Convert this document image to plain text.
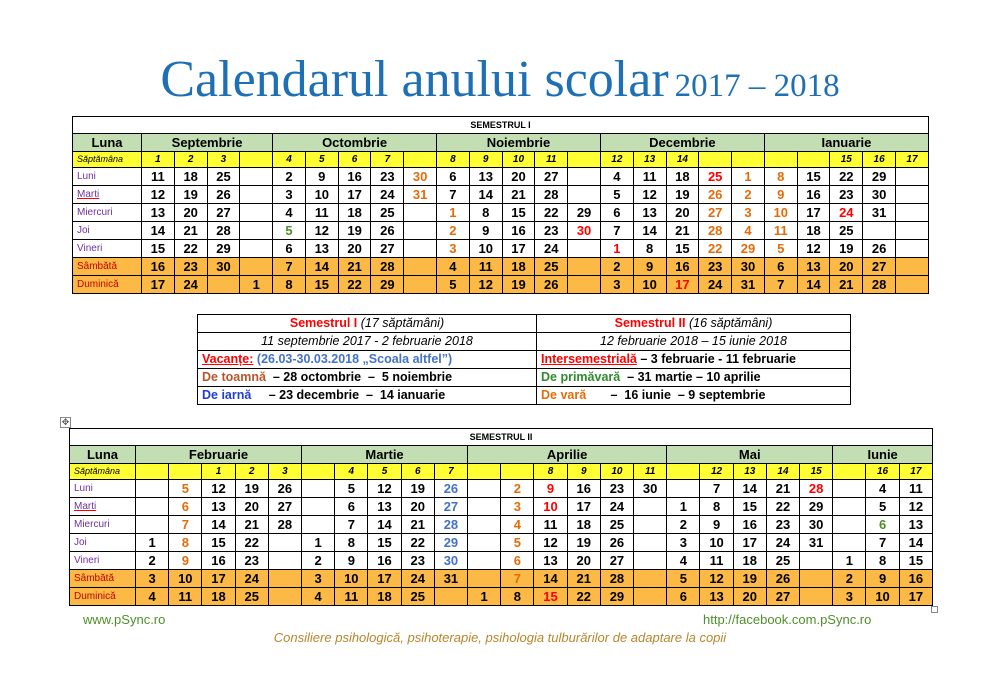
Calendarul anului scolar 2017 – 2018
SEMESTRUL I																								
Luna	Septembrie				Octombrie					Noiembrie					Decembrie					Ianuarie				
Săptămâna	1	2	3		4	5	6	7		8	9	10	11		12	13	14					15	16	17
Luni	11	18	25		2	9	16	23	30	6	13	20	27		4	11	18	25	1	8	15	22	29	
Marti	12	19	26		3	10	17	24	31	7	14	21	28		5	12	19	26	2	9	16	23	30	
Miercuri	13	20	27		4	11	18	25		1	8	15	22	29	6	13	20	27	3	10	17	24	31	
Joi	14	21	28		5	12	19	26		2	9	16	23	30	7	14	21	28	4	11	18	25		
Vineri	15	22	29		6	13	20	27		3	10	17	24		1	8	15	22	29	5	12	19	26	
Sâmbătă	16	23	30		7	14	21	28		4	11	18	25		2	9	16	23	30	6	13	20	27	
Duminică	17	24		1	8	15	22	29		5	12	19	26		3	10	17	24	31	7	14	21	28	
Semestrul I (17 săptămâni)	Semestrul II (16 săptămâni)
11 septembrie 2017 - 2 februarie 2018	12 februarie 2018 – 15 iunie 2018
Vacanțe: (26.03-30.03.2018 „Scoala altfel”)	Intersemestrială – 3 februarie - 11 februarie
De toamnă  – 28 octombrie  –  5 noiembrie	De primăvară  – 31 martie – 10 aprilie
De iarnă     – 23 decembrie  –  14 ianuarie	De vară       –  16 iunie  – 9 septembrie
✥
SEMESTRUL II																								
Luna	Februarie					Martie					Aprilie						Mai					Iunie		
Săptămâna			1	2	3		4	5	6	7			8	9	10	11		12	13	14	15		16	17
Luni		5	12	19	26		5	12	19	26		2	9	16	23	30		7	14	21	28		4	11
Marti		6	13	20	27		6	13	20	27		3	10	17	24		1	8	15	22	29		5	12
Miercuri		7	14	21	28		7	14	21	28		4	11	18	25		2	9	16	23	30		6	13
Joi	1	8	15	22		1	8	15	22	29		5	12	19	26		3	10	17	24	31		7	14
Vineri	2	9	16	23		2	9	16	23	30		6	13	20	27		4	11	18	25		1	8	15
Sâmbătă	3	10	17	24		3	10	17	24	31		7	14	21	28		5	12	19	26		2	9	16
Duminică	4	11	18	25		4	11	18	25		1	8	15	22	29		6	13	20	27		3	10	17
www.pSync.ro	http://facebook.com.pSync.ro
Consiliere psihologică, psihoterapie, psihologia tulburărilor de adaptare la copii
